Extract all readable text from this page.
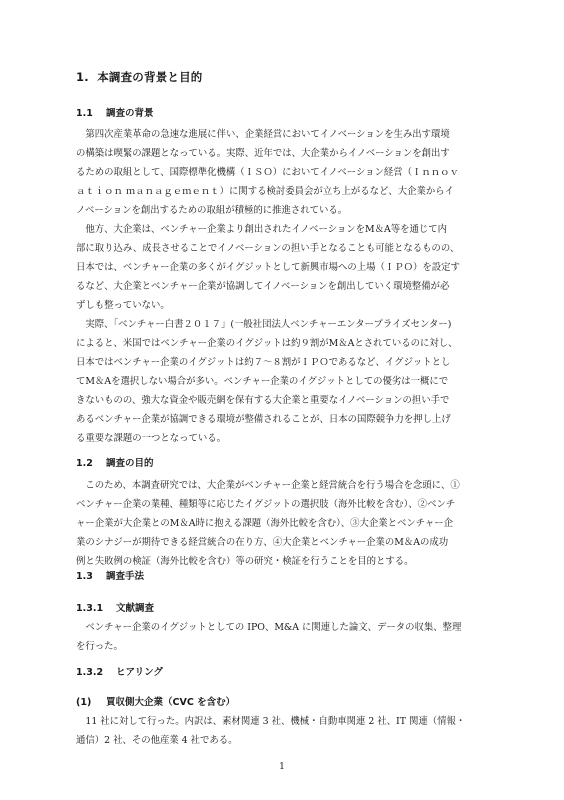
1. 本調査の背景と目的
1.1 調査の背景
　第四次産業革命の急速な進展に伴い、企業経営においてイノベーションを生み出す環境
の構築は喫緊の課題となっている。実際、近年では、大企業からイノベーションを創出す
るための取組として、国際標準化機構（ＩＳＯ）においてイノベーション経営（Ｉｎｎｏｖ
ａｔｉｏｎ ｍａｎａｇｅｍｅｎｔ）に関する検討委員会が立ち上がるなど、大企業からイ
ノベーションを創出するための取組が積極的に推進されている。
　他方、大企業は、ベンチャー企業より創出されたイノベーションをM＆A等を通じて内
部に取り込み、成長させることでイノベーションの担い手となることも可能となるものの、
日本では、ベンチャー企業の多くがイグジットとして新興市場への上場（ＩＰＯ）を設定す
るなど、大企業とベンチャー企業が協調してイノベーションを創出していく環境整備が必
ずしも整っていない。
　実際、「ベンチャー白書２０１７」(一般社団法人ベンチャーエンタープライズセンター)
によると、米国ではベンチャー企業のイグジットは約９割がM＆Aとされているのに対し、
日本ではベンチャー企業のイグジットは約７～８割がＩＰＯであるなど、イグジットとし
てM＆Aを選択しない場合が多い。ベンチャー企業のイグジットとしての優劣は一概にで
きないものの、強大な資金や販売網を保有する大企業と重要なイノベーションの担い手で
あるベンチャー企業が協調できる環境が整備されることが、日本の国際競争力を押し上げ
る重要な課題の一つとなっている。
1.2 調査の目的
　このため、本調査研究では、大企業がベンチャー企業と経営統合を行う場合を念頭に、①
ベンチャー企業の業種、種類等に応じたイグジットの選択肢（海外比較を含む）、②ベンチ
ャー企業が大企業とのM＆A時に抱える課題（海外比較を含む）、③大企業とベンチャー企
業のシナジーが期待できる経営統合の在り方、④大企業とベンチャー企業のM＆Aの成功
例と失敗例の検証（海外比較を含む）等の研究・検証を行うことを目的とする。
1.3 調査手法
1.3.1 文献調査
　ベンチャー企業のイグジットとしての IPO、M&A に関連した論文、データの収集、整理
を行った。
1.3.2 ヒアリング
(1) 買収側大企業（CVC を含む）
　11 社に対して行った。内訳は、素材関連 3 社、機械・自動車関連 2 社、IT 関連（情報・
通信）2 社、その他産業 4 社である。
1
